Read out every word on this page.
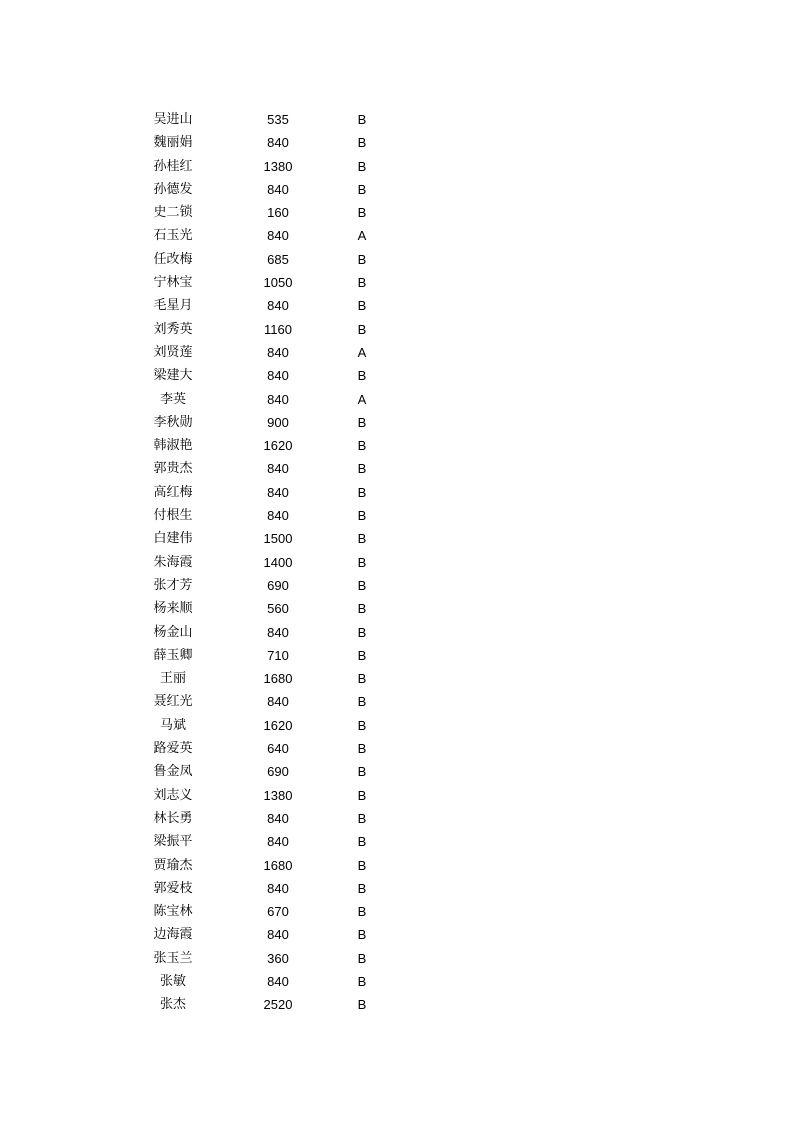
吴进山	535	B
魏丽娟	840	B
孙桂红	1380	B
孙德发	840	B
史二锁	160	B
石玉光	840	A
任改梅	685	B
宁林宝	1050	B
毛星月	840	B
刘秀英	1160	B
刘贤莲	840	A
梁建大	840	B
李英	840	A
李秋勋	900	B
韩淑艳	1620	B
郭贵杰	840	B
高红梅	840	B
付根生	840	B
白建伟	1500	B
朱海霞	1400	B
张才芳	690	B
杨来顺	560	B
杨金山	840	B
薛玉卿	710	B
王丽	1680	B
聂红光	840	B
马斌	1620	B
路爱英	640	B
鲁金凤	690	B
刘志义	1380	B
林长勇	840	B
梁振平	840	B
贾瑜杰	1680	B
郭爱枝	840	B
陈宝林	670	B
边海霞	840	B
张玉兰	360	B
张敏	840	B
张杰	2520	B
